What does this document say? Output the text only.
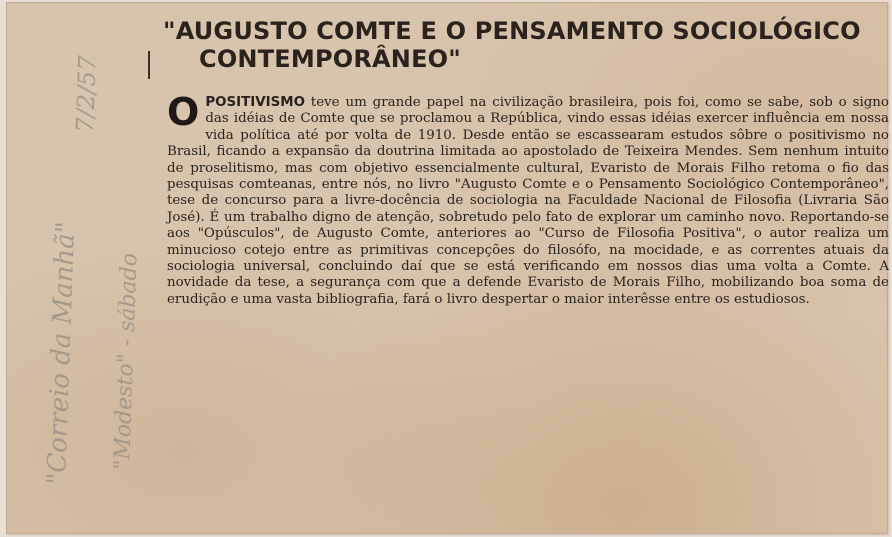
"Correio da Manhã"
7/2/57
"Modesto" - sábado
"AUGUSTO COMTE E O PENSAMENTO SOCIOLÓGICO
CONTEMPORÂNEO"

OPOSITIVISMO teve um grande papel na civilização brasileira, pois foi, como se sabe, sob o signo das idéias de Comte que se proclamou a República, vindo essas idéias exercer influência em nossa vida política até por volta de 1910. Desde então se escassearam estudos sôbre o positivismo no Brasil, ficando a expansão da doutrina limitada ao apostolado de Teixeira Mendes. Sem nenhum intuito de proselitismo, mas com objetivo essencialmente cultural, Evaristo de Morais Filho retoma o fio das pesquisas comteanas, entre nós, no livro "Augusto Comte e o Pensamento Sociológico Contemporâneo", tese de concurso para a livre-docência de sociologia na Faculdade Nacional de Filosofia (Livraria São José). É um trabalho digno de atenção, sobretudo pelo fato de explorar um caminho novo. Reportando-se aos "Opúsculos", de Augusto Comte, anteriores ao "Curso de Filosofia Positiva", o autor realiza um minucioso cotejo entre as primitivas concepções do filosófo, na mocidade, e as correntes atuais da sociologia universal, concluindo daí que se está verificando em nossos dias uma volta a Comte. A novidade da tese, a segurança com que a defende Evaristo de Morais Filho, mobilizando boa soma de erudição e uma vasta bibliografia, fará o livro despertar o maior interêsse entre os estudiosos.
